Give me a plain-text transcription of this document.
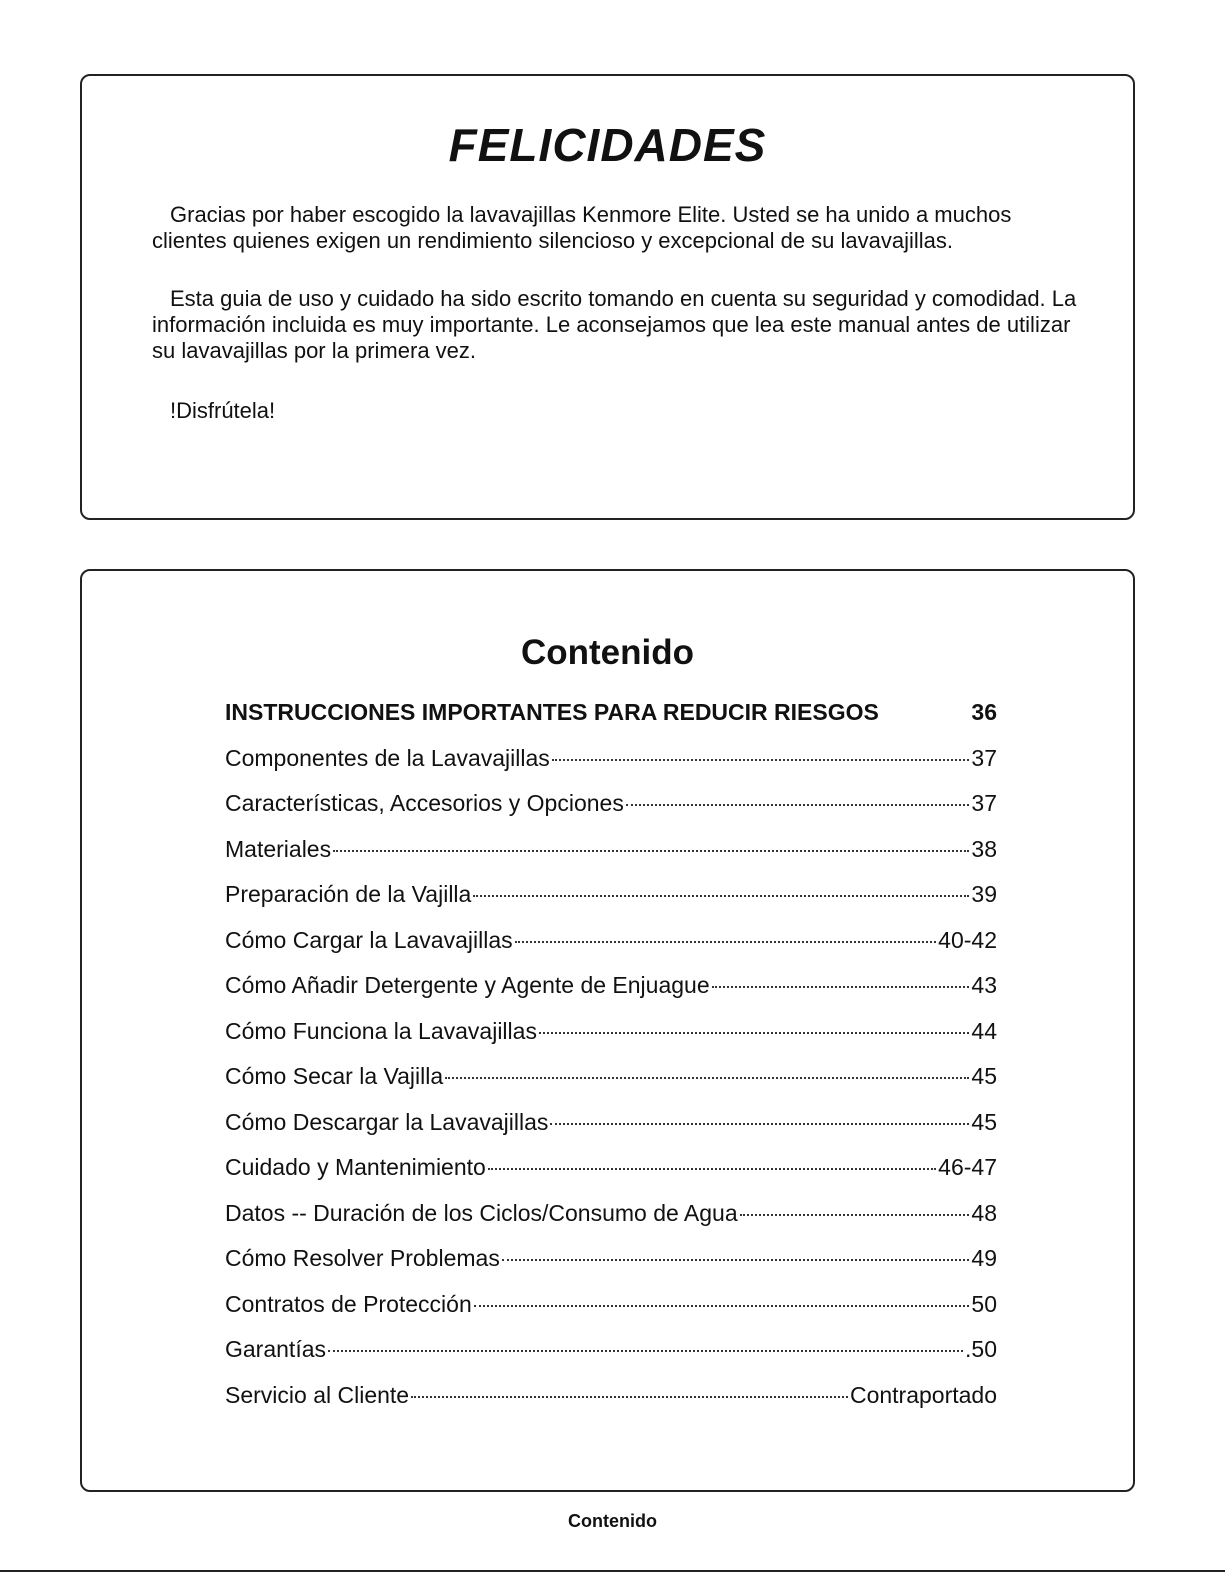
FELICIDADES

Gracias por haber escogido la lavavajillas Kenmore Elite. Usted se ha unido a muchos clientes quienes exigen un rendimiento silencioso y excepcional de su lavavajillas.

Esta guia de uso y cuidado ha sido escrito tomando en cuenta su seguridad y comodidad. La información incluida es muy importante. Le aconsejamos que lea este manual antes de utilizar su lavavajillas por la primera vez.

!Disfrútela!

Contenido
INSTRUCCIONES IMPORTANTES PARA REDUCIR RIESGOS	36
Componentes de la Lavavajillas	37
Características, Accesorios y Opciones	37
Materiales	38
Preparación de la Vajilla	39
Cómo Cargar la Lavavajillas	40-42
Cómo Añadir Detergente y Agente de Enjuague	43
Cómo Funciona la Lavavajillas	44
Cómo Secar la Vajilla	45
Cómo Descargar la Lavavajillas	45
Cuidado y Mantenimiento	46-47
Datos -- Duración de los Ciclos/Consumo de Agua	48
Cómo Resolver Problemas	49
Contratos de Protección	50
Garantías	.50
Servicio al Cliente	Contraportado
Contenido
